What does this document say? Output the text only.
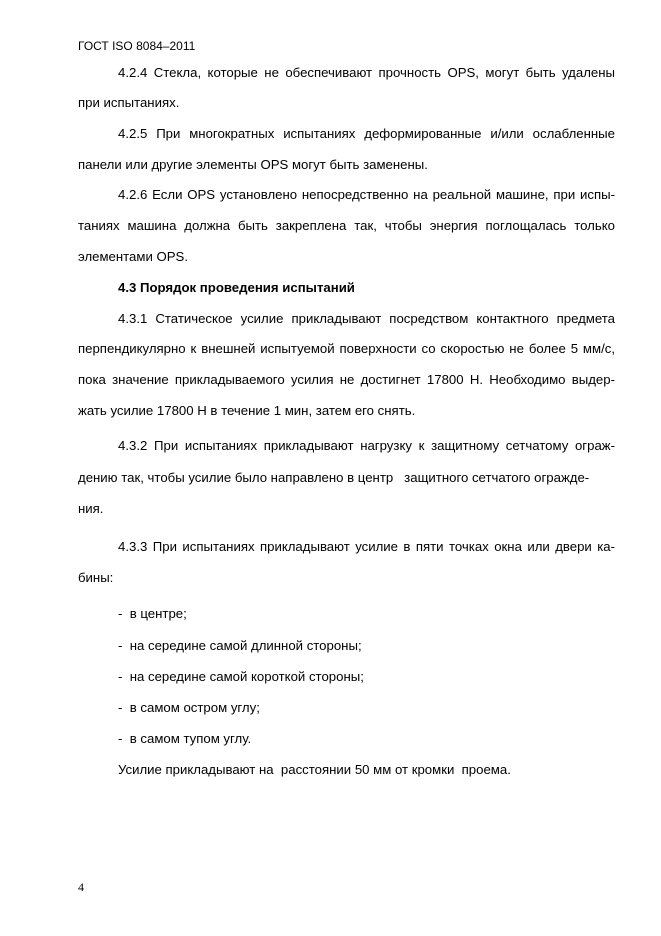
ГОСТ ISO 8084–2011
4.2.4 Стекла, которые не обеспечивают прочность OPS, могут быть удалены
при испытаниях.
4.2.5 При многократных испытаниях деформированные и/или ослабленные
панели или другие элементы OPS могут быть заменены.
4.2.6 Если OPS установлено непосредственно на реальной машине, при испы-
таниях машина должна быть закреплена так, чтобы энергия поглощалась только
элементами OPS.
4.3 Порядок проведения испытаний
4.3.1 Статическое усилие прикладывают посредством контактного предмета
перпендикулярно к внешней испытуемой поверхности со скоростью не более 5 мм/с,
пока значение прикладываемого усилия не достигнет 17800 Н. Необходимо выдер-
жать усилие 17800 Н в течение 1 мин, затем его снять.
4.3.2 При испытаниях прикладывают нагрузку к защитному сетчатому ограж-
дению так, чтобы усилие было направлено в центр   защитного сетчатого огражде-
ния.
4.3.3 При испытаниях прикладывают усилие в пяти точках окна или двери ка-
бины:
-  в центре;
-  на середине самой длинной стороны;
-  на середине самой короткой стороны;
-  в самом остром углу;
-  в самом тупом углу.
Усилие прикладывают на  расстоянии 50 мм от кромки  проема.
4
